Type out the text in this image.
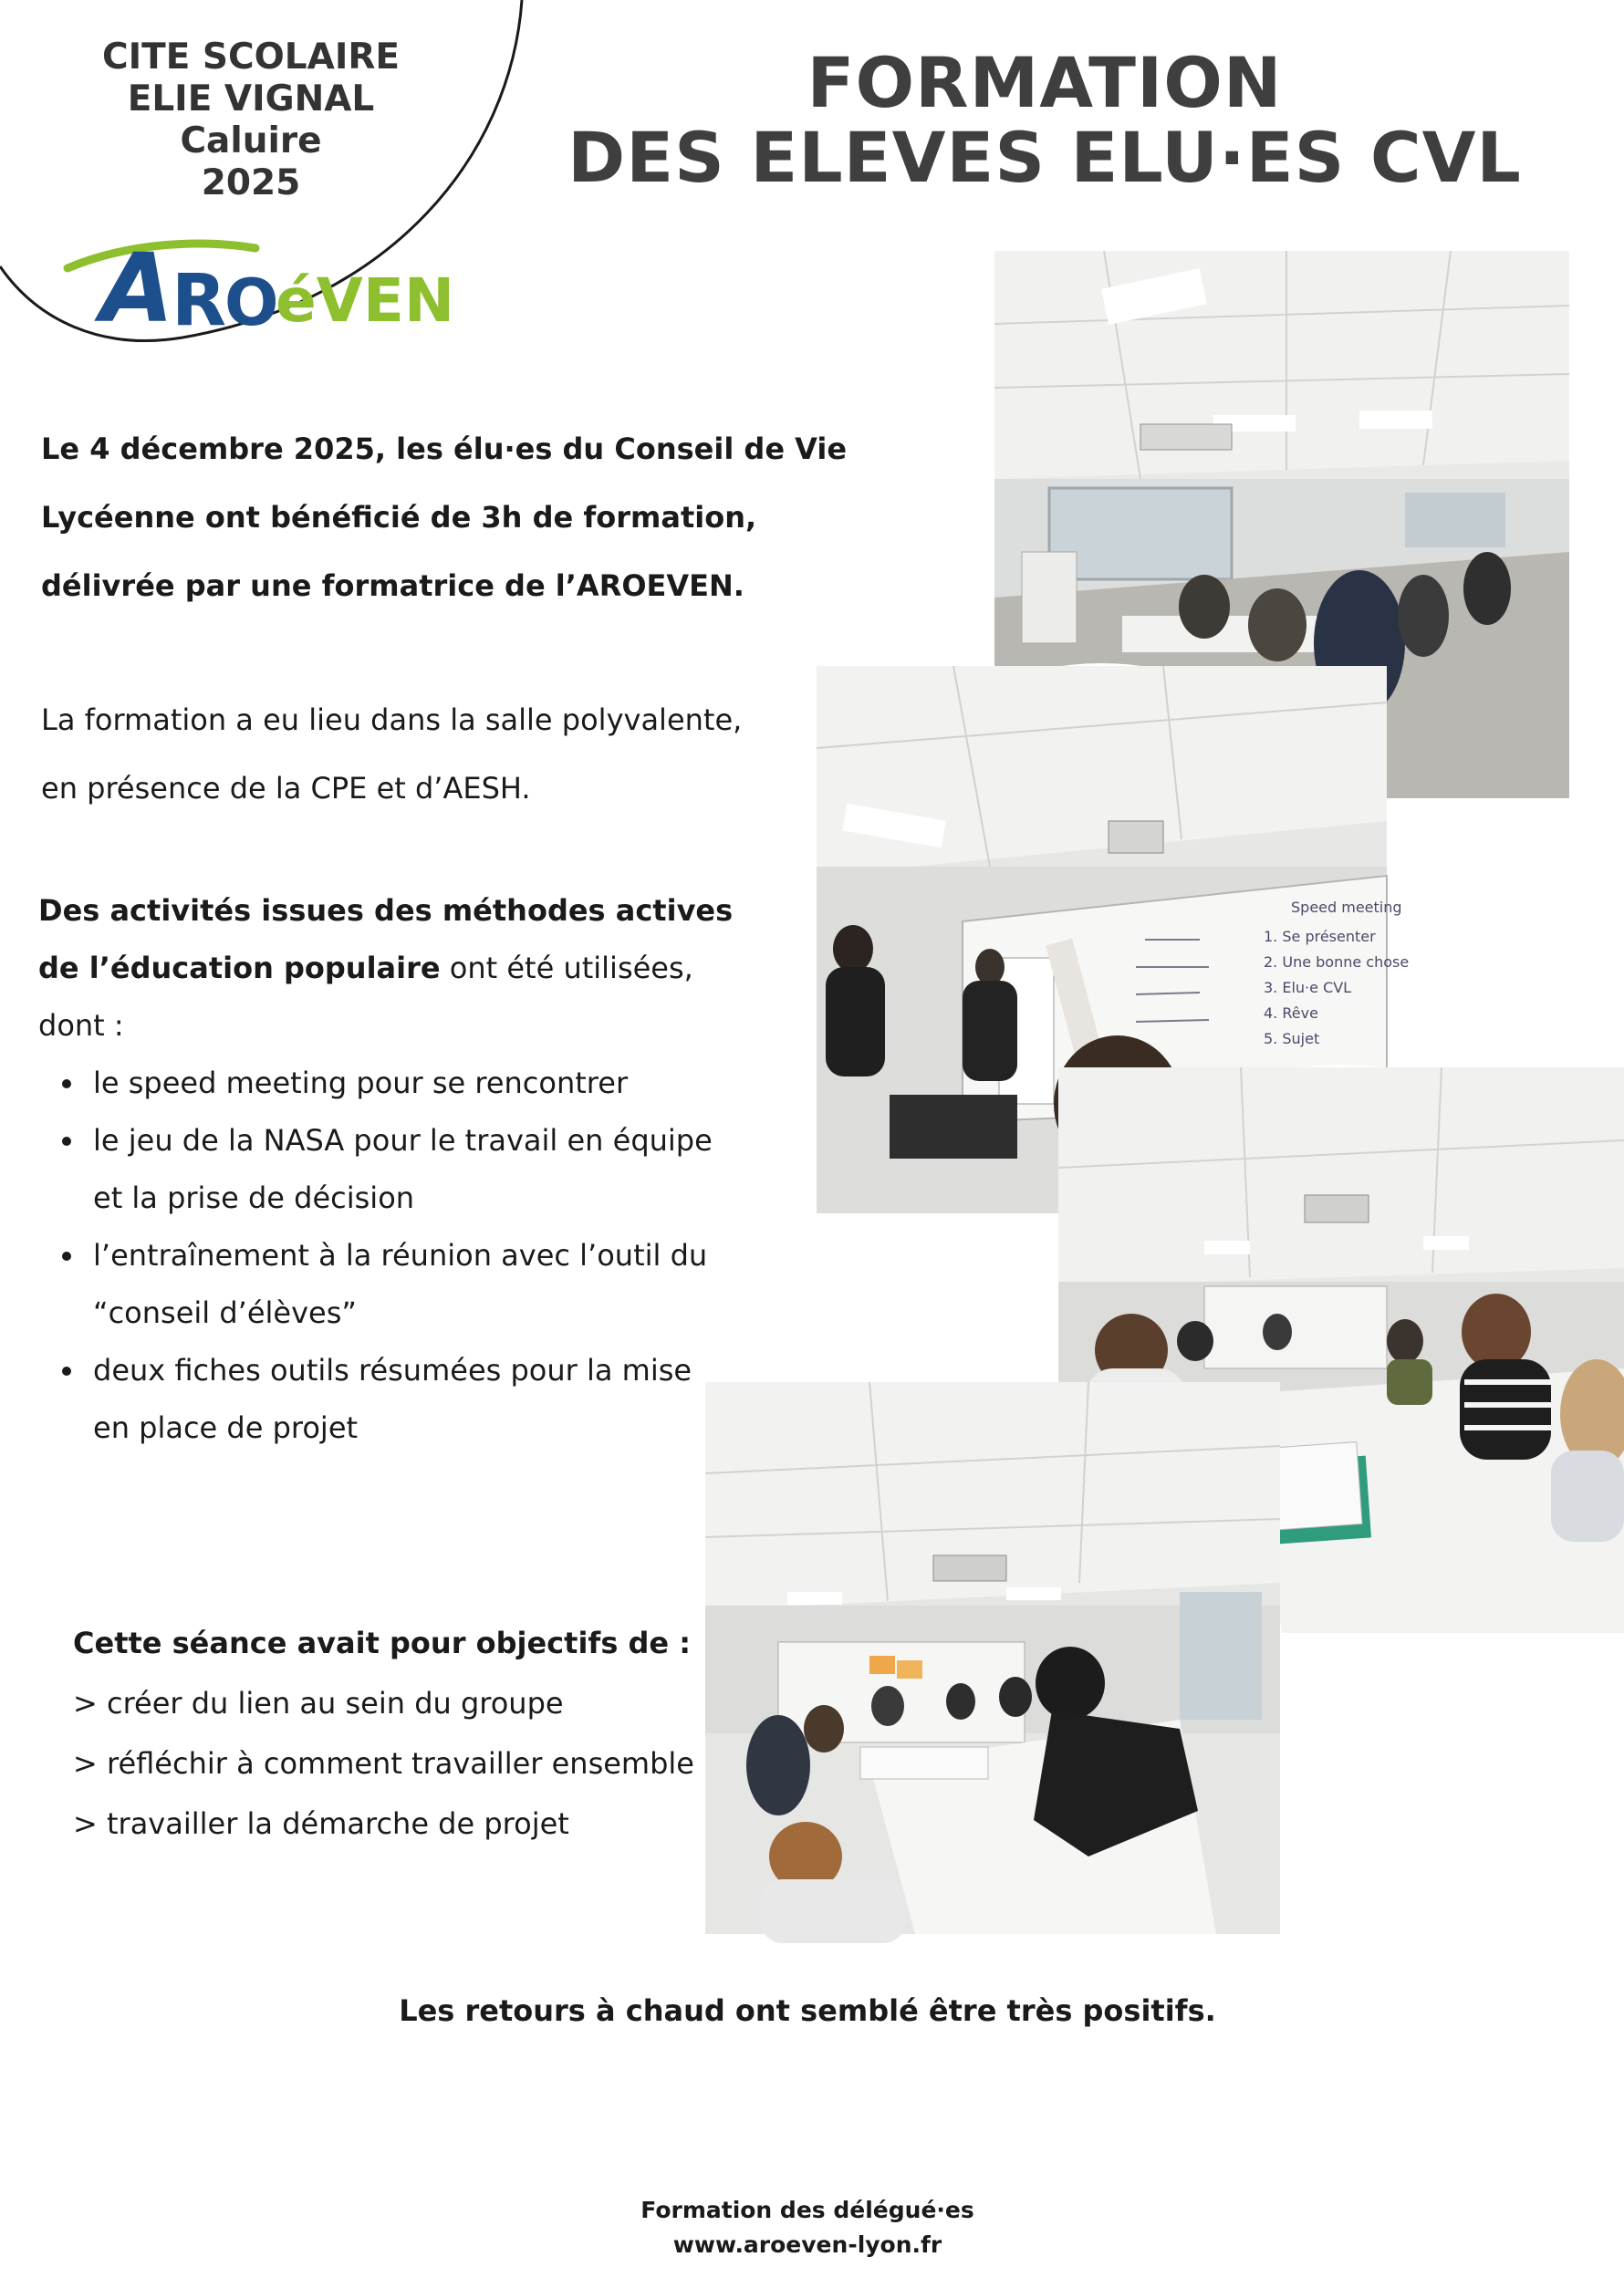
CITE SCOLAIRE
ELIE VIGNAL
Caluire
2025
A
R
O
éVEN
FORMATION
DES ELEVES ELU·ES CVL
Le 4 décembre 2025, les élu·es du Conseil de Vie
Lycéenne ont bénéficié de 3h de formation,
délivrée par une formatrice de l’AROEVEN.
La formation a eu lieu dans la salle polyvalente,
en présence de la CPE et d’AESH.
Des activités issues des méthodes actives
de l’éducation populaire ont été utilisées,
dont :
le speed meeting pour se rencontrer
le jeu de la NASA pour le travail en équipe
et la prise de décision
l’entraînement à la réunion avec l’outil du
“conseil d’élèves”
deux fiches outils résumées pour la mise
en place de projet
Cette séance avait pour objectifs de :
> créer du lien au sein du groupe
> réfléchir à comment travailler ensemble
> travailler la démarche de projet
Les retours à chaud ont semblé être très positifs.
Formation des délégué·es
www.aroeven-lyon.fr
Speed meeting
1. Se présenter
2. Une bonne chose
3. Elu·e CVL
4. Rêve
5. Sujet
